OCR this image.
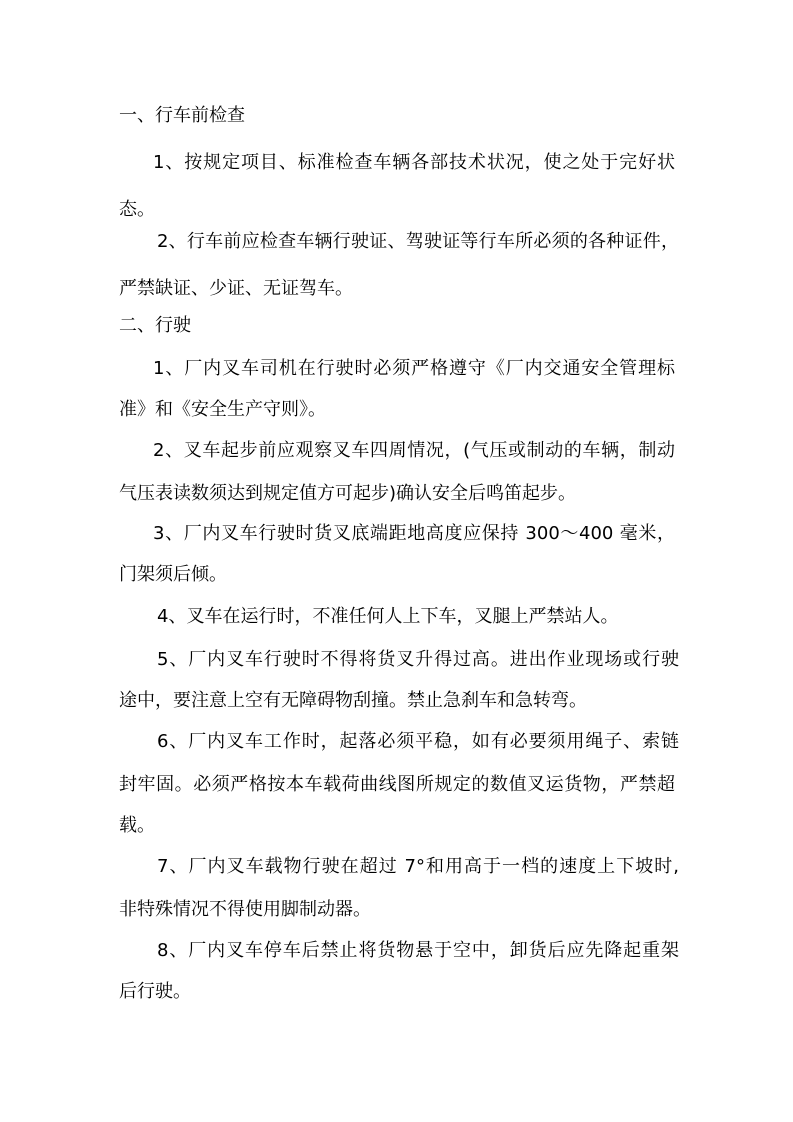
一、行车前检查
1、按规定项目、标准检查车辆各部技术状况，使之处于完好状
态。
2、行车前应检查车辆行驶证、驾驶证等行车所必须的各种证件，
严禁缺证、少证、无证驾车。
二、行驶
1、厂内叉车司机在行驶时必须严格遵守《厂内交通安全管理标
准》和《安全生产守则》。
2、叉车起步前应观察叉车四周情况，(气压或制动的车辆，制动
气压表读数须达到规定值方可起步)确认安全后鸣笛起步。
3、厂内叉车行驶时货叉底端距地高度应保持 300～400 毫米，
门架须后倾。
4、叉车在运行时，不准任何人上下车，叉腿上严禁站人。
5、厂内叉车行驶时不得将货叉升得过高。进出作业现场或行驶
途中，要注意上空有无障碍物刮撞。禁止急刹车和急转弯。
6、厂内叉车工作时，起落必须平稳，如有必要须用绳子、索链
封牢固。必须严格按本车载荷曲线图所规定的数值叉运货物，严禁超
载。
7、厂内叉车载物行驶在超过 7°和用高于一档的速度上下坡时,
非特殊情况不得使用脚制动器。
8、厂内叉车停车后禁止将货物悬于空中，卸货后应先降起重架
后行驶。
